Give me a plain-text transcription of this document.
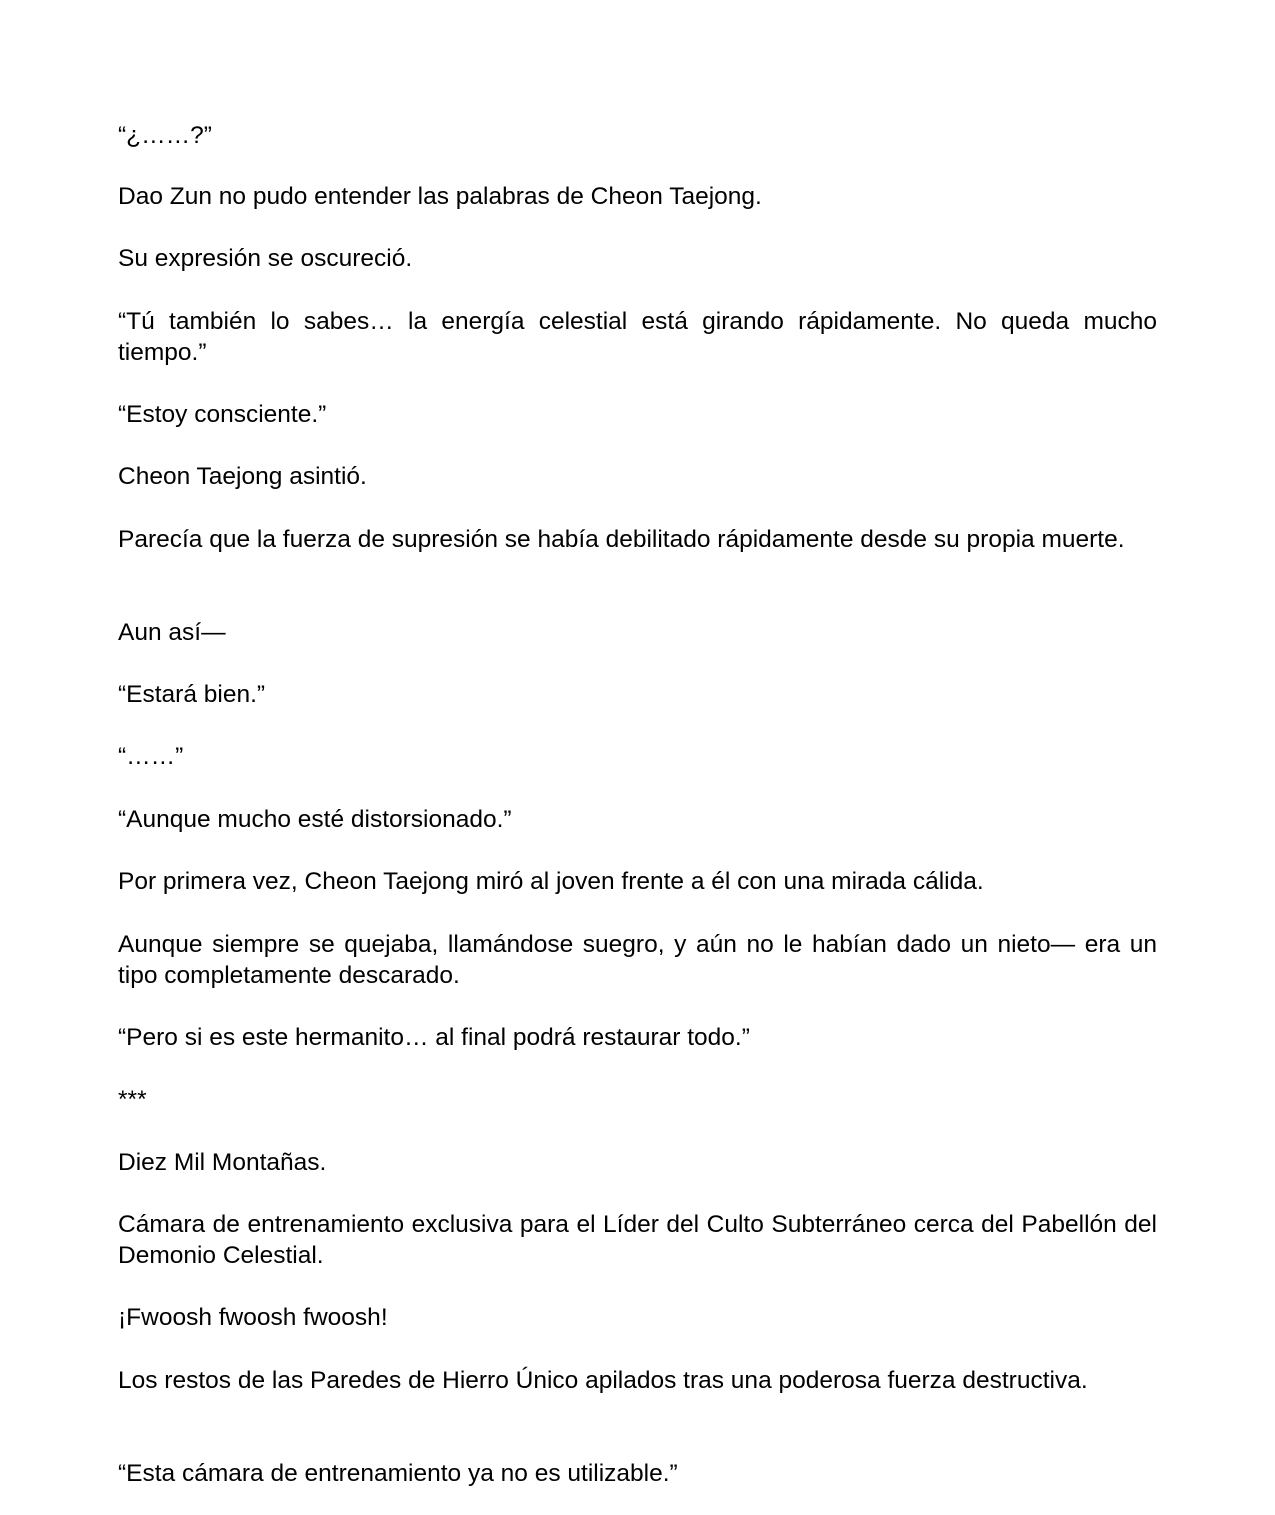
“¿……?”

Dao Zun no pudo entender las palabras de Cheon Taejong.

Su expresión se oscureció.

“Tú también lo sabes… la energía celestial está girando rápidamente. No queda mucho tiempo.”

“Estoy consciente.”

Cheon Taejong asintió.

Parecía que la fuerza de supresión se había debilitado rápidamente desde su propia muerte.

Aun así—

“Estará bien.”

“……”

“Aunque mucho esté distorsionado.”

Por primera vez, Cheon Taejong miró al joven frente a él con una mirada cálida.

Aunque siempre se quejaba, llamándose suegro, y aún no le habían dado un nieto— era un tipo completamente descarado.

“Pero si es este hermanito… al final podrá restaurar todo.”

***

Diez Mil Montañas.

Cámara de entrenamiento exclusiva para el Líder del Culto Subterráneo cerca del Pabellón del Demonio Celestial.

¡Fwoosh fwoosh fwoosh!

Los restos de las Paredes de Hierro Único apilados tras una poderosa fuerza destructiva.

“Esta cámara de entrenamiento ya no es utilizable.”
